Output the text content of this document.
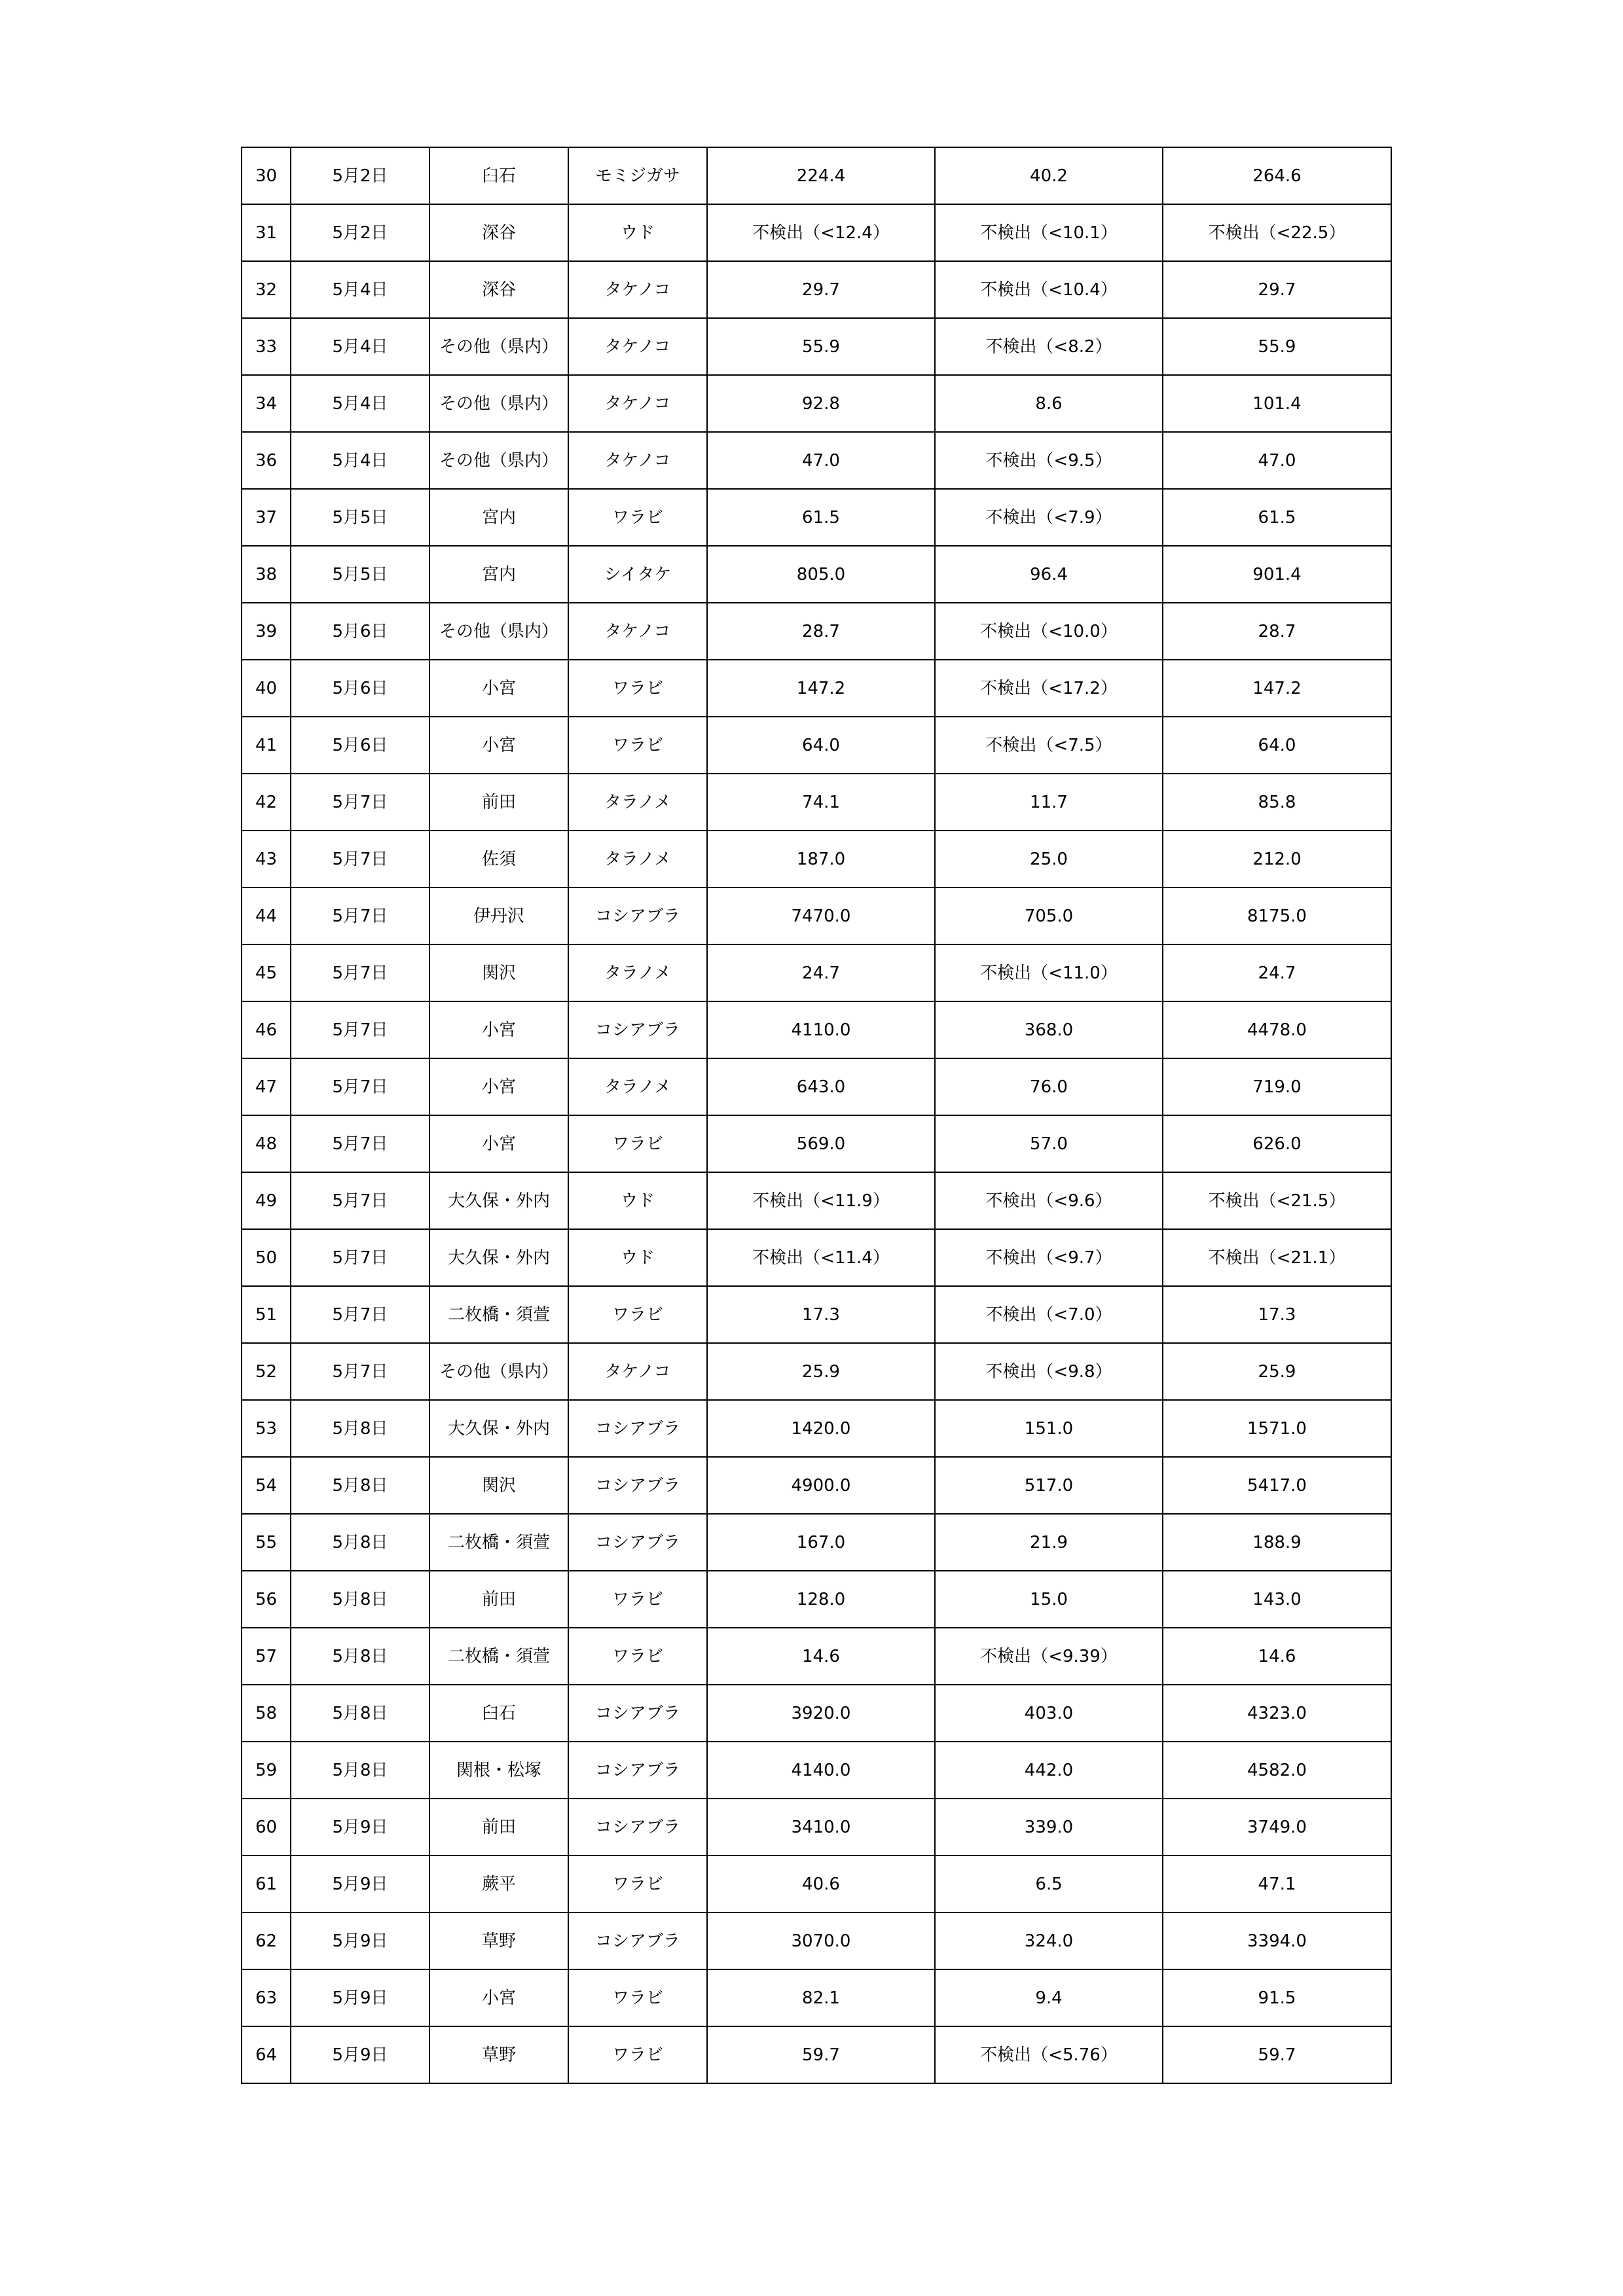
30	5月2日	臼石	モミジガサ	224.4	40.2	264.6
31	5月2日	深谷	ウド	不検出（<12.4）	不検出（<10.1）	不検出（<22.5）
32	5月4日	深谷	タケノコ	29.7	不検出（<10.4）	29.7
33	5月4日	その他（県内）	タケノコ	55.9	不検出（<8.2）	55.9
34	5月4日	その他（県内）	タケノコ	92.8	8.6	101.4
36	5月4日	その他（県内）	タケノコ	47.0	不検出（<9.5）	47.0
37	5月5日	宮内	ワラビ	61.5	不検出（<7.9）	61.5
38	5月5日	宮内	シイタケ	805.0	96.4	901.4
39	5月6日	その他（県内）	タケノコ	28.7	不検出（<10.0）	28.7
40	5月6日	小宮	ワラビ	147.2	不検出（<17.2）	147.2
41	5月6日	小宮	ワラビ	64.0	不検出（<7.5）	64.0
42	5月7日	前田	タラノメ	74.1	11.7	85.8
43	5月7日	佐須	タラノメ	187.0	25.0	212.0
44	5月7日	伊丹沢	コシアブラ	7470.0	705.0	8175.0
45	5月7日	関沢	タラノメ	24.7	不検出（<11.0）	24.7
46	5月7日	小宮	コシアブラ	4110.0	368.0	4478.0
47	5月7日	小宮	タラノメ	643.0	76.0	719.0
48	5月7日	小宮	ワラビ	569.0	57.0	626.0
49	5月7日	大久保・外内	ウド	不検出（<11.9）	不検出（<9.6）	不検出（<21.5）
50	5月7日	大久保・外内	ウド	不検出（<11.4）	不検出（<9.7）	不検出（<21.1）
51	5月7日	二枚橋・須萱	ワラビ	17.3	不検出（<7.0）	17.3
52	5月7日	その他（県内）	タケノコ	25.9	不検出（<9.8）	25.9
53	5月8日	大久保・外内	コシアブラ	1420.0	151.0	1571.0
54	5月8日	関沢	コシアブラ	4900.0	517.0	5417.0
55	5月8日	二枚橋・須萱	コシアブラ	167.0	21.9	188.9
56	5月8日	前田	ワラビ	128.0	15.0	143.0
57	5月8日	二枚橋・須萱	ワラビ	14.6	不検出（<9.39）	14.6
58	5月8日	臼石	コシアブラ	3920.0	403.0	4323.0
59	5月8日	関根・松塚	コシアブラ	4140.0	442.0	4582.0
60	5月9日	前田	コシアブラ	3410.0	339.0	3749.0
61	5月9日	蕨平	ワラビ	40.6	6.5	47.1
62	5月9日	草野	コシアブラ	3070.0	324.0	3394.0
63	5月9日	小宮	ワラビ	82.1	9.4	91.5
64	5月9日	草野	ワラビ	59.7	不検出（<5.76）	59.7
